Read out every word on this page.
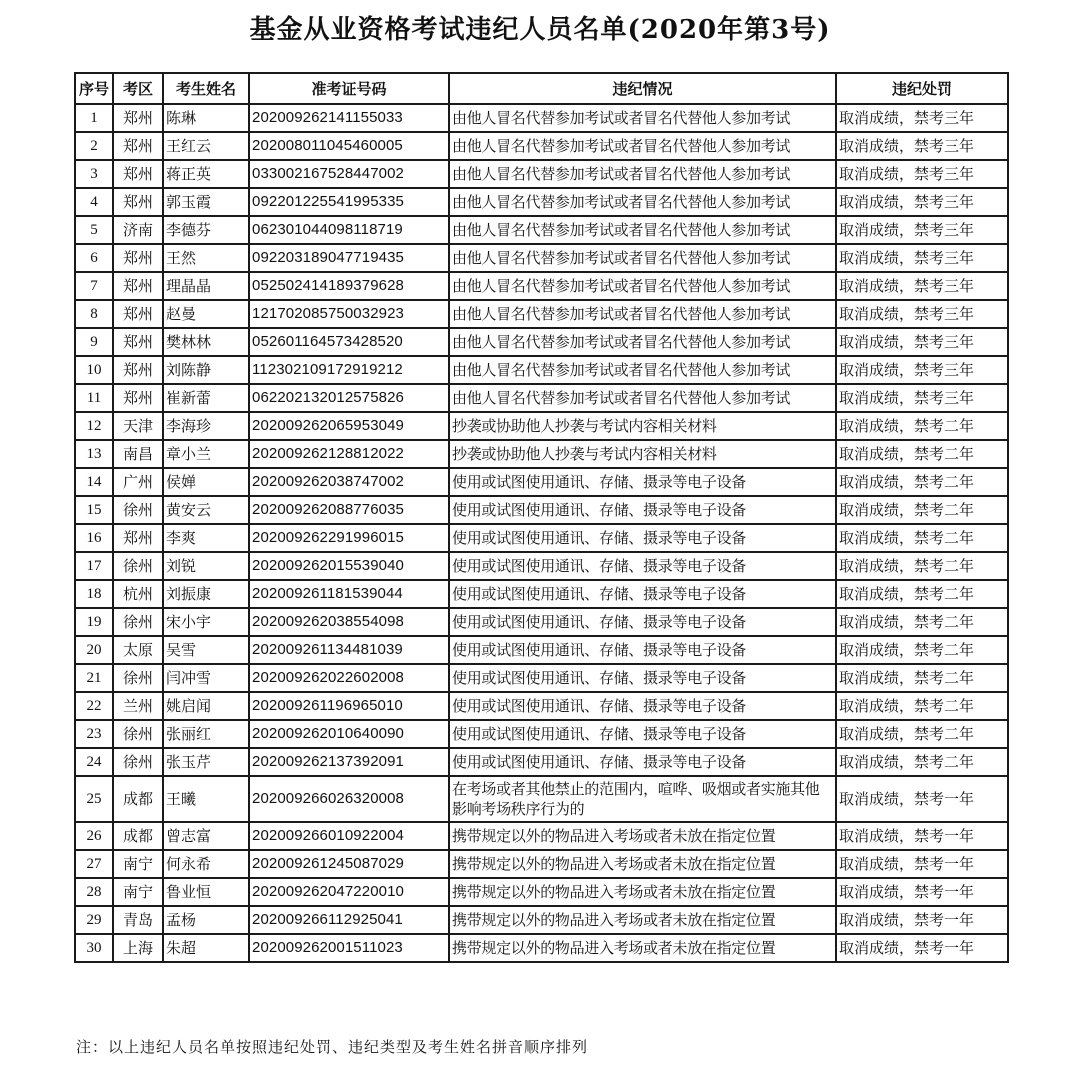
基金从业资格考试违纪人员名单(2020年第3号)
序号	考区	考生姓名	准考证号码	违纪情况	违纪处罚
1	郑州	陈琳	202009262141155033	由他人冒名代替参加考试或者冒名代替他人参加考试	取消成绩，禁考三年
2	郑州	王红云	202008011045460005	由他人冒名代替参加考试或者冒名代替他人参加考试	取消成绩，禁考三年
3	郑州	蒋正英	033002167528447002	由他人冒名代替参加考试或者冒名代替他人参加考试	取消成绩，禁考三年
4	郑州	郭玉霞	092201225541995335	由他人冒名代替参加考试或者冒名代替他人参加考试	取消成绩，禁考三年
5	济南	李德芬	062301044098118719	由他人冒名代替参加考试或者冒名代替他人参加考试	取消成绩，禁考三年
6	郑州	王然	092203189047719435	由他人冒名代替参加考试或者冒名代替他人参加考试	取消成绩，禁考三年
7	郑州	理晶晶	052502414189379628	由他人冒名代替参加考试或者冒名代替他人参加考试	取消成绩，禁考三年
8	郑州	赵曼	121702085750032923	由他人冒名代替参加考试或者冒名代替他人参加考试	取消成绩，禁考三年
9	郑州	樊林林	052601164573428520	由他人冒名代替参加考试或者冒名代替他人参加考试	取消成绩，禁考三年
10	郑州	刘陈静	112302109172919212	由他人冒名代替参加考试或者冒名代替他人参加考试	取消成绩，禁考三年
11	郑州	崔新蕾	062202132012575826	由他人冒名代替参加考试或者冒名代替他人参加考试	取消成绩，禁考三年
12	天津	李海珍	202009262065953049	抄袭或协助他人抄袭与考试内容相关材料	取消成绩，禁考二年
13	南昌	章小兰	202009262128812022	抄袭或协助他人抄袭与考试内容相关材料	取消成绩，禁考二年
14	广州	侯婵	202009262038747002	使用或试图使用通讯、存储、摄录等电子设备	取消成绩，禁考二年
15	徐州	黄安云	202009262088776035	使用或试图使用通讯、存储、摄录等电子设备	取消成绩，禁考二年
16	郑州	李爽	202009262291996015	使用或试图使用通讯、存储、摄录等电子设备	取消成绩，禁考二年
17	徐州	刘锐	202009262015539040	使用或试图使用通讯、存储、摄录等电子设备	取消成绩，禁考二年
18	杭州	刘振康	202009261181539044	使用或试图使用通讯、存储、摄录等电子设备	取消成绩，禁考二年
19	徐州	宋小宇	202009262038554098	使用或试图使用通讯、存储、摄录等电子设备	取消成绩，禁考二年
20	太原	吴雪	202009261134481039	使用或试图使用通讯、存储、摄录等电子设备	取消成绩，禁考二年
21	徐州	闫冲雪	202009262022602008	使用或试图使用通讯、存储、摄录等电子设备	取消成绩，禁考二年
22	兰州	姚启闻	202009261196965010	使用或试图使用通讯、存储、摄录等电子设备	取消成绩，禁考二年
23	徐州	张丽红	202009262010640090	使用或试图使用通讯、存储、摄录等电子设备	取消成绩，禁考二年
24	徐州	张玉芹	202009262137392091	使用或试图使用通讯、存储、摄录等电子设备	取消成绩，禁考二年
25	成都	王曦	202009266026320008	在考场或者其他禁止的范围内，喧哗、吸烟或者实施其他影响考场秩序行为的	取消成绩，禁考一年
26	成都	曾志富	202009266010922004	携带规定以外的物品进入考场或者未放在指定位置	取消成绩，禁考一年
27	南宁	何永希	202009261245087029	携带规定以外的物品进入考场或者未放在指定位置	取消成绩，禁考一年
28	南宁	鲁业恒	202009262047220010	携带规定以外的物品进入考场或者未放在指定位置	取消成绩，禁考一年
29	青岛	孟杨	202009266112925041	携带规定以外的物品进入考场或者未放在指定位置	取消成绩，禁考一年
30	上海	朱超	202009262001511023	携带规定以外的物品进入考场或者未放在指定位置	取消成绩，禁考一年
注：以上违纪人员名单按照违纪处罚、违纪类型及考生姓名拼音顺序排列
